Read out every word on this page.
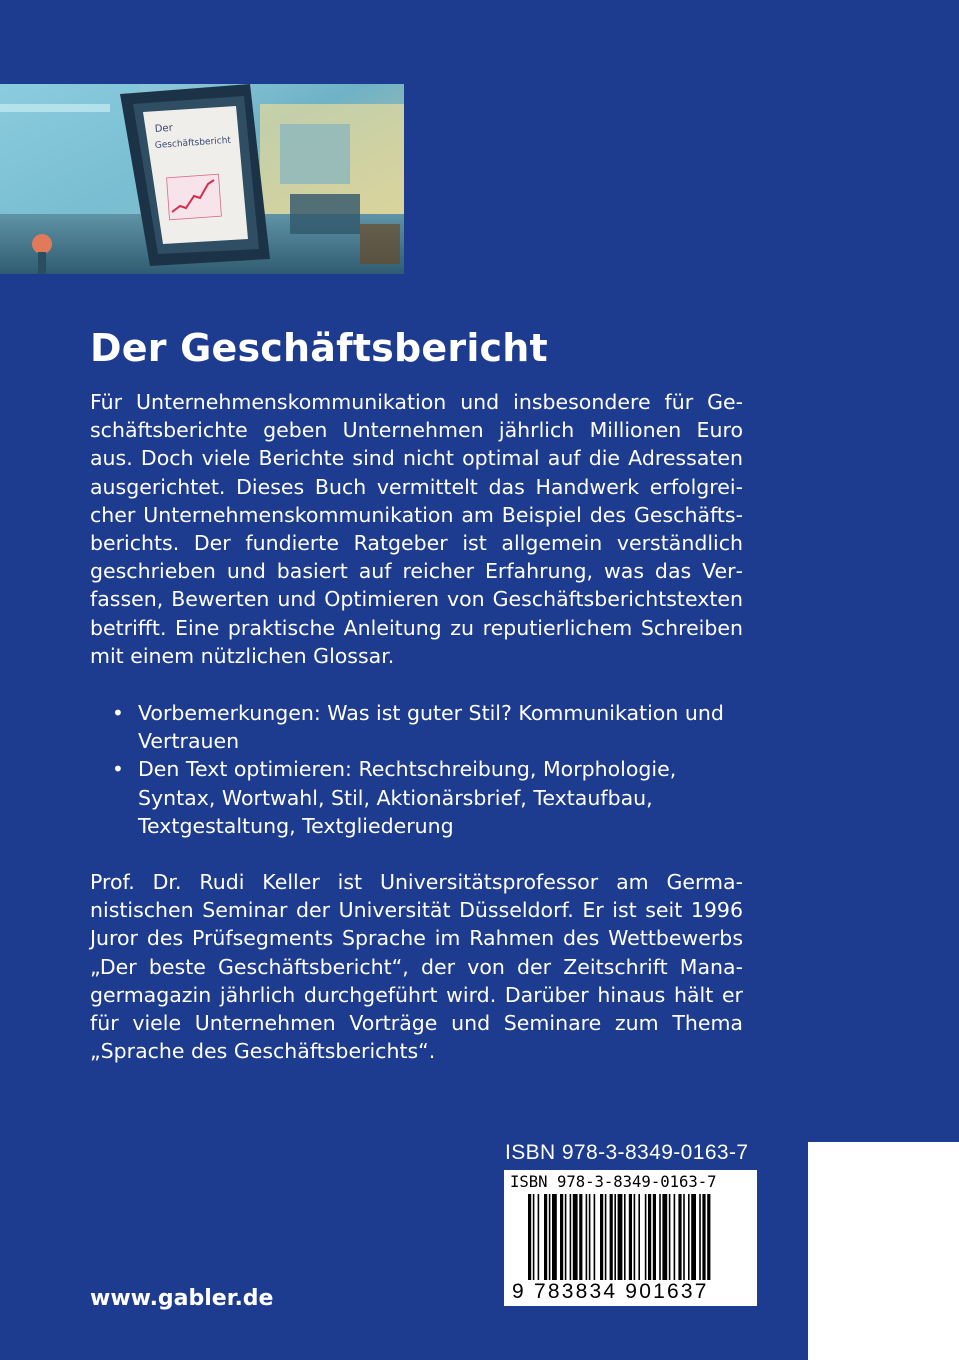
Der
Geschäftsbericht
Der Geschäftsbericht

Für Unternehmenskommunikation und insbesondere für Geschäftsberichte geben Unternehmen jährlich Millionen Euro aus. Doch viele Berichte sind nicht optimal auf die Adressaten ausgerichtet. Dieses Buch vermittelt das Handwerk erfolgreicher Unternehmenskommunikation am Beispiel des Geschäftsberichts. Der fundierte Ratgeber ist allgemein verständlich geschrieben und basiert auf reicher Erfahrung, was das Verfassen, Bewerten und Optimieren von Geschäftsberichtstexten betrifft. Eine praktische Anleitung zu reputierlichem Schreiben mit einem nützlichen Glossar.

• Vorbemerkungen: Was ist guter Stil? Kommunikation und Vertrauen
• Den Text optimieren: Rechtschreibung, Morphologie, Syntax, Wortwahl, Stil, Aktionärsbrief, Textaufbau, Textgestaltung, Textgliederung

Prof. Dr. Rudi Keller ist Universitätsprofessor am Germanistischen Seminar der Universität Düsseldorf. Er ist seit 1996 Juror des Prüfsegments Sprache im Rahmen des Wettbewerbs „Der beste Geschäftsbericht“, der von der Zeitschrift Managermagazin jährlich durchgeführt wird. Darüber hinaus hält er für viele Unternehmen Vorträge und Seminare zum Thema „Sprache des Geschäftsberichts“.

ISBN 978-3-8349-0163-7
ISBN 978-3-8349-0163-7
9 783834 901637
www.gabler.de
